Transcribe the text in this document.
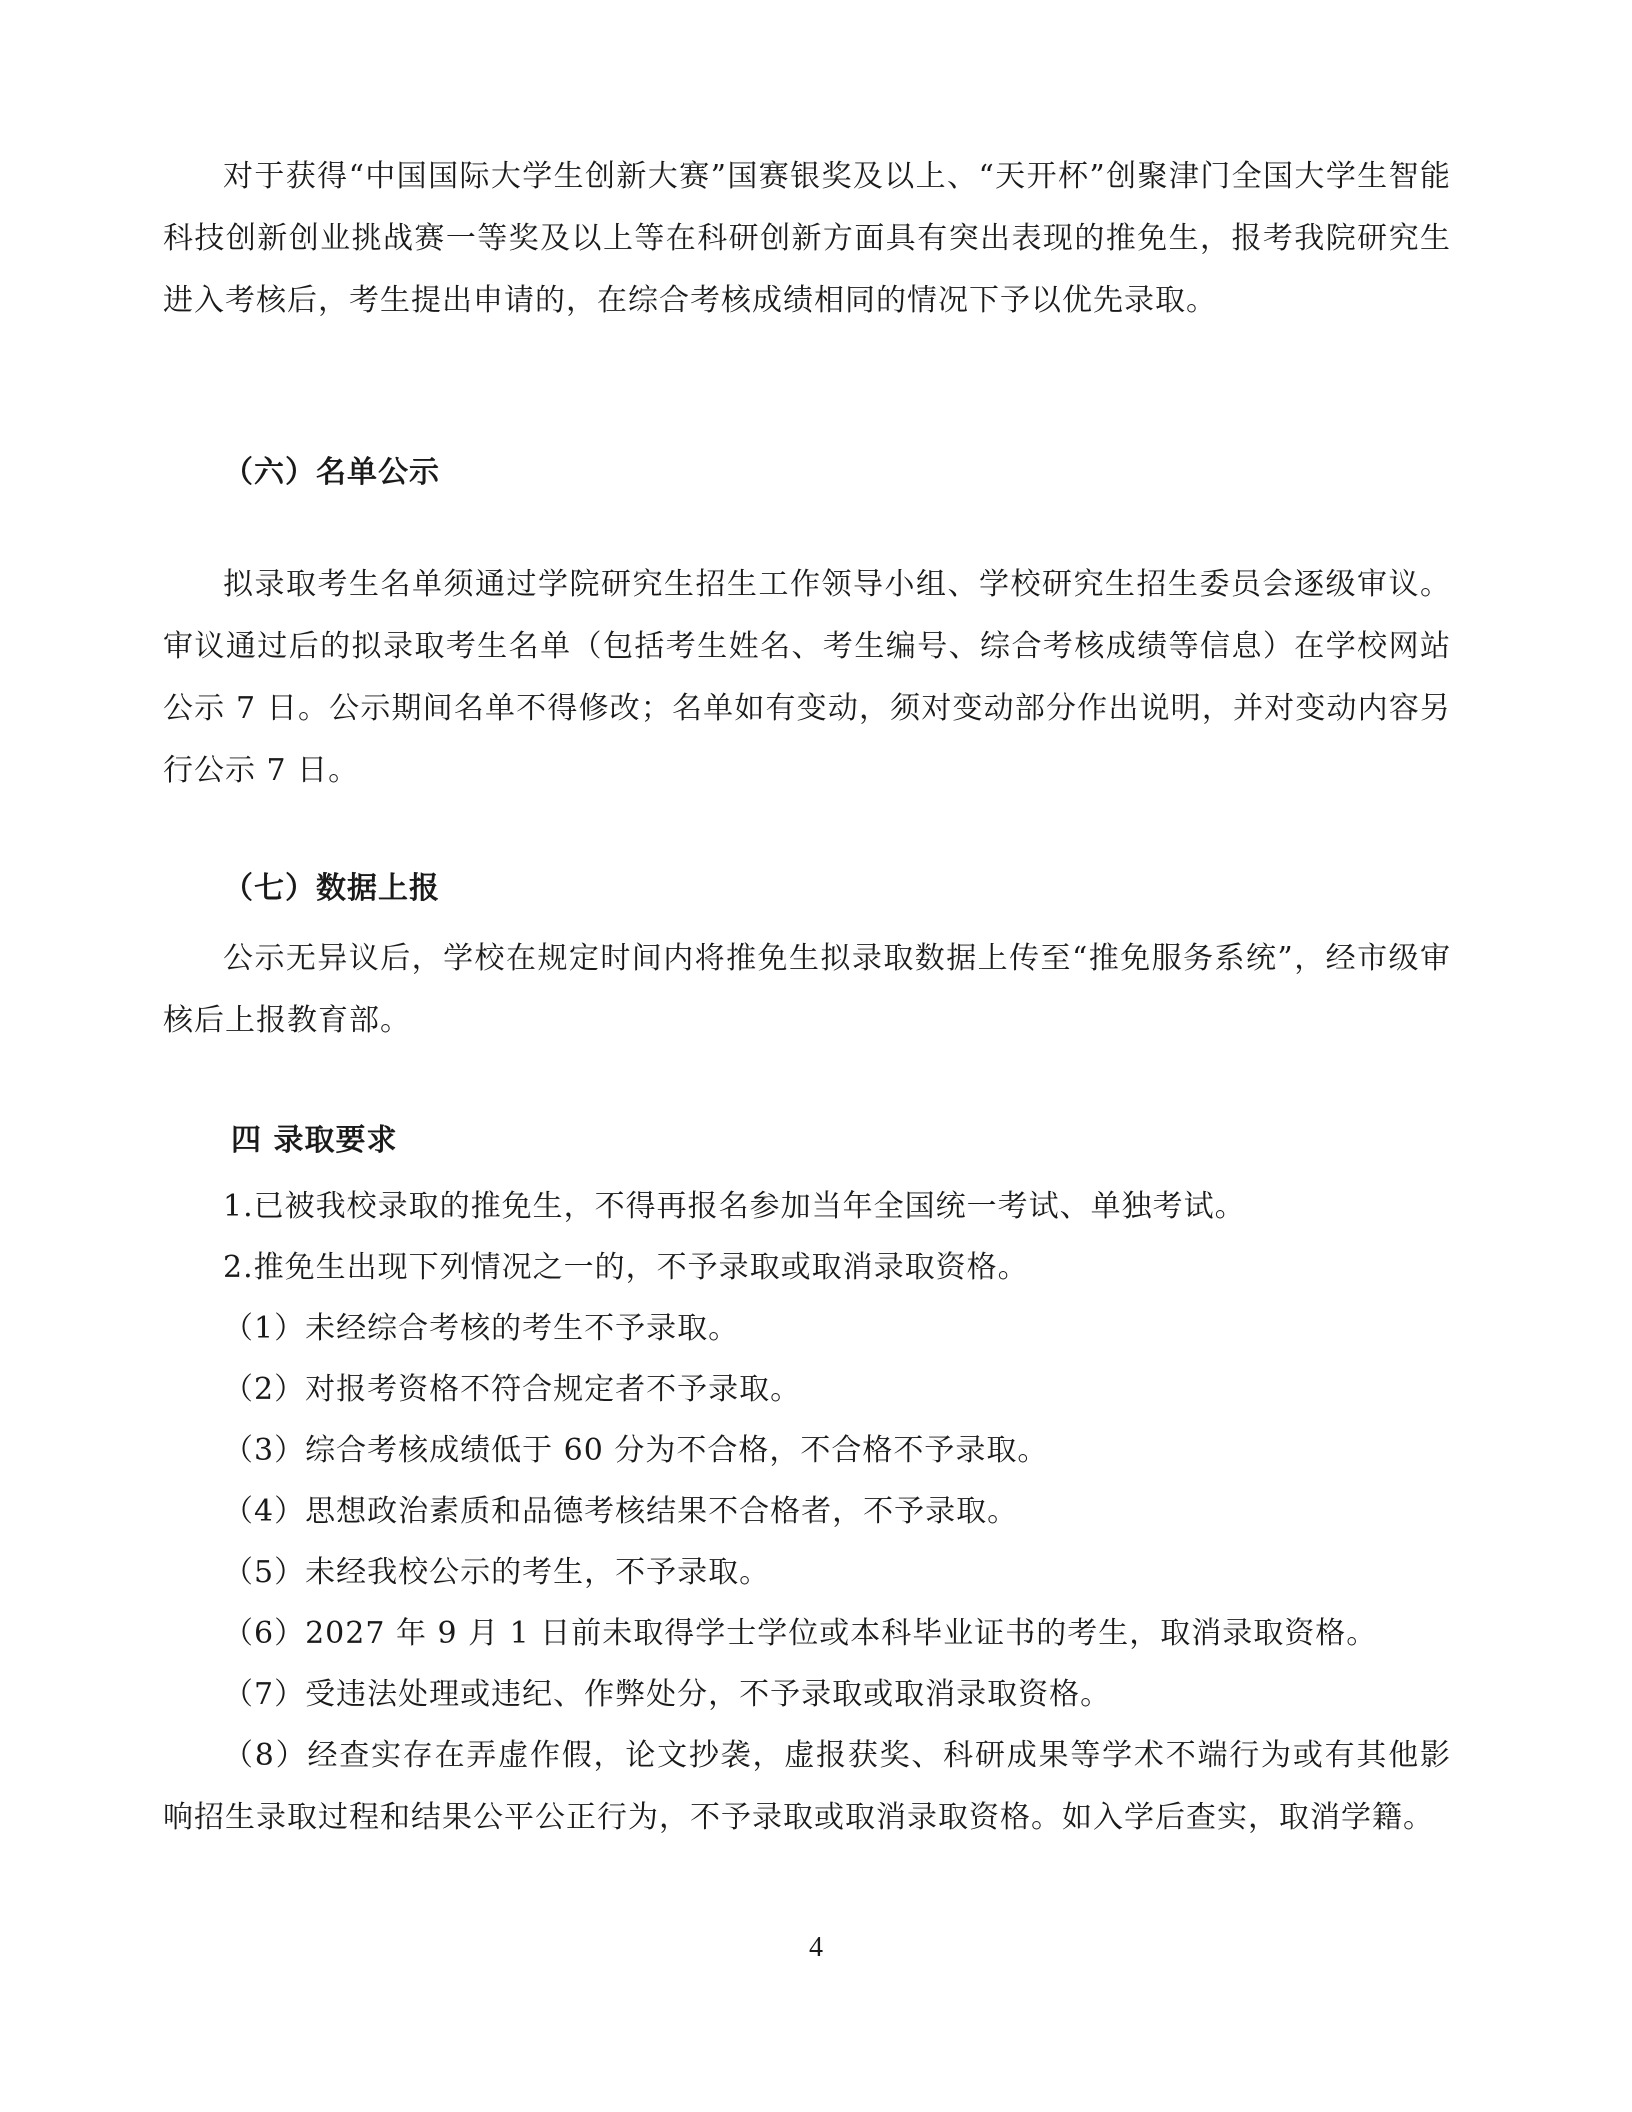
对于获得“中国国际大学生创新大赛”国赛银奖及以上、“天开杯”创聚津门全国大学生智能科技创新创业挑战赛一等奖及以上等在科研创新方面具有突出表现的推免生，报考我院研究生进入考核后，考生提出申请的，在综合考核成绩相同的情况下予以优先录取。

（六）名单公示

拟录取考生名单须通过学院研究生招生工作领导小组、学校研究生招生委员会逐级审议。审议通过后的拟录取考生名单（包括考生姓名、考生编号、综合考核成绩等信息）在学校网站公示 7 日。公示期间名单不得修改；名单如有变动，须对变动部分作出说明，并对变动内容另行公示 7 日。

（七）数据上报

公示无异议后，学校在规定时间内将推免生拟录取数据上传至“推免服务系统”，经市级审核后上报教育部。

四 录取要求
1.已被我校录取的推免生，不得再报名参加当年全国统一考试、单独考试。
2.推免生出现下列情况之一的，不予录取或取消录取资格。
（1）未经综合考核的考生不予录取。
（2）对报考资格不符合规定者不予录取。
（3）综合考核成绩低于 60 分为不合格，不合格不予录取。
（4）思想政治素质和品德考核结果不合格者，不予录取。
（5）未经我校公示的考生，不予录取。
（6）2027 年 9 月 1 日前未取得学士学位或本科毕业证书的考生，取消录取资格。
（7）受违法处理或违纪、作弊处分，不予录取或取消录取资格。

（8）经查实存在弄虚作假，论文抄袭，虚报获奖、科研成果等学术不端行为或有其他影响招生录取过程和结果公平公正行为，不予录取或取消录取资格。如入学后查实，取消学籍。

4
